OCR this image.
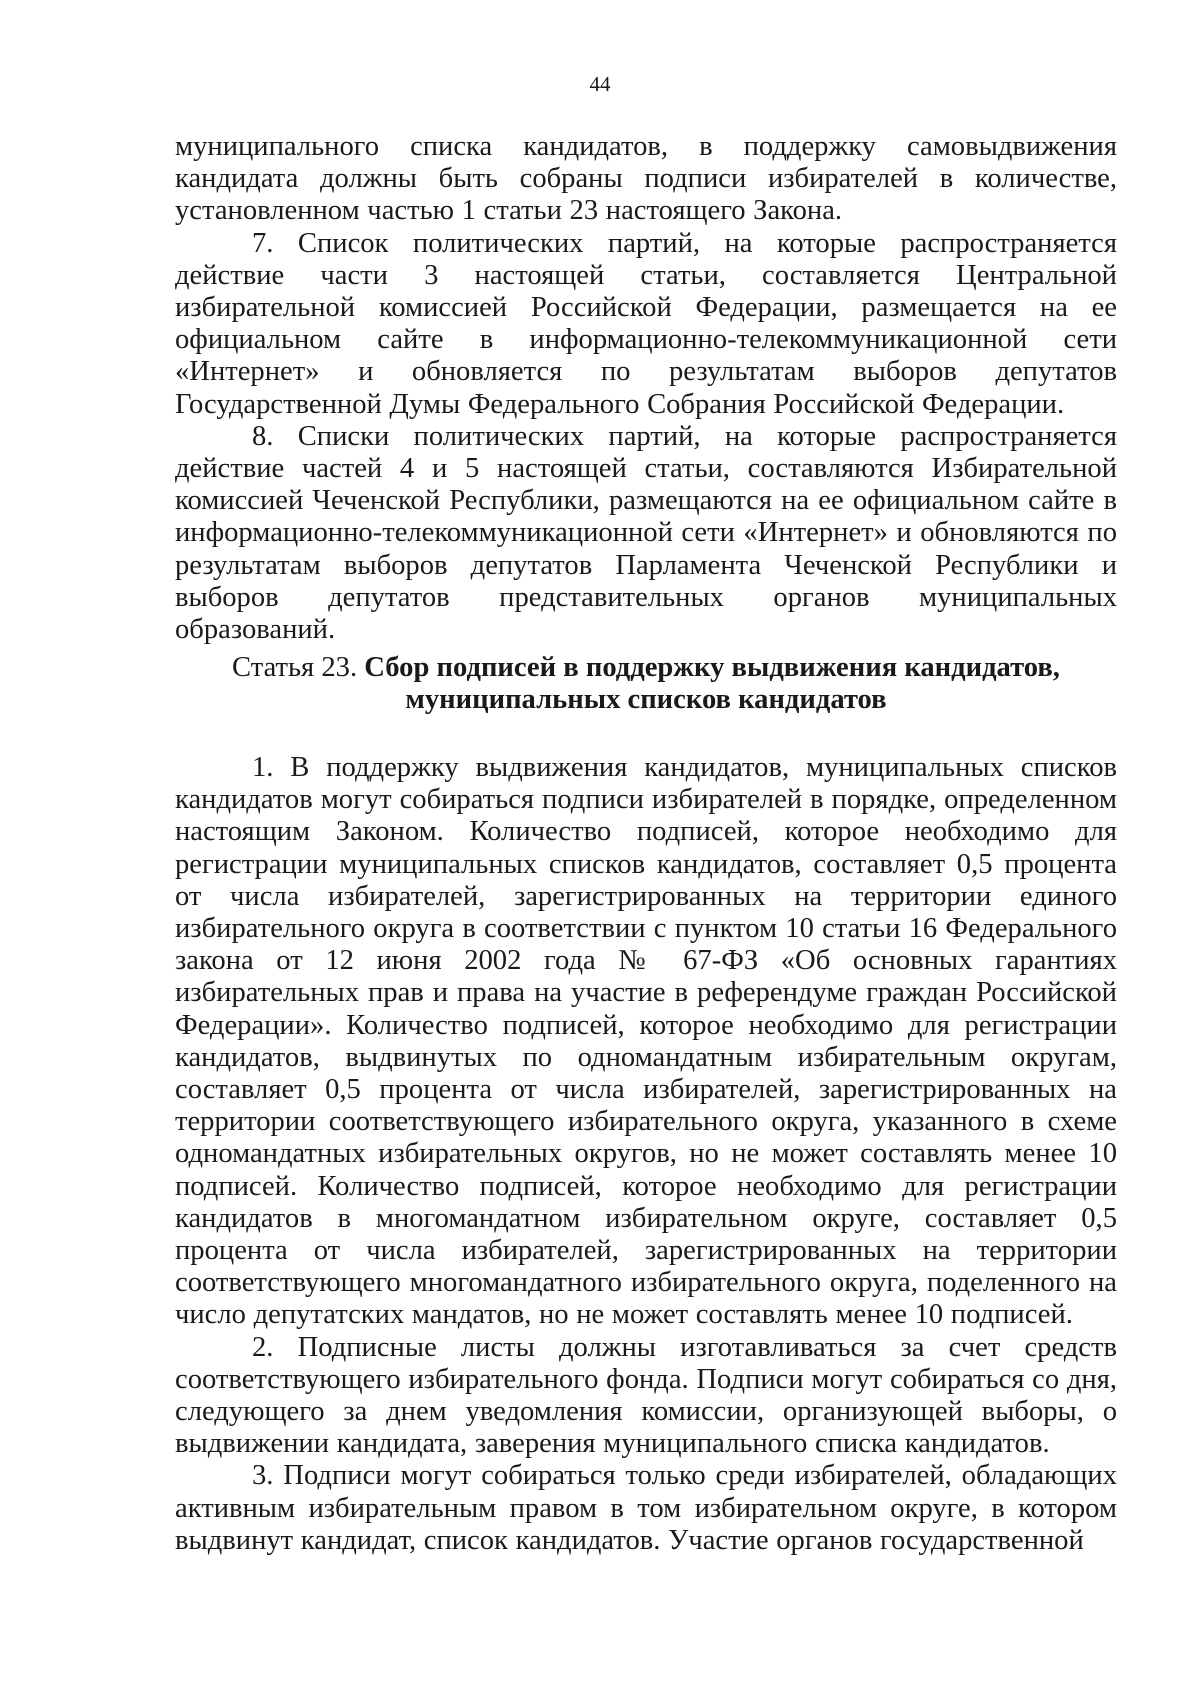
44

муниципального списка кандидатов, в поддержку самовыдвижения кандидата должны быть собраны подписи избирателей в количестве, установленном частью 1 статьи 23 настоящего Закона.

7. Список политических партий, на которые распространяется действие части 3 настоящей статьи, составляется Центральной избирательной комиссией Российской Федерации, размещается на ее официальном сайте в информационно-телекоммуникационной сети «Интернет» и обновляется по результатам выборов депутатов Государственной Думы Федерального Собрания Российской Федерации.

8. Списки политических партий, на которые распространяется действие частей 4 и 5 настоящей статьи, составляются Избирательной комиссией Чеченской Республики, размещаются на ее официальном сайте в информационно-телекоммуникационной сети «Интернет» и обновляются по результатам выборов депутатов Парламента Чеченской Республики и выборов депутатов представительных органов муниципальных образований.

Статья 23. Сбор подписей в поддержку выдвижения кандидатов, муниципальных списков кандидатов

1. В поддержку выдвижения кандидатов, муниципальных списков кандидатов могут собираться подписи избирателей в порядке, определенном настоящим Законом. Количество подписей, которое необходимо для регистрации муниципальных списков кандидатов, составляет 0,5 процента от числа избирателей, зарегистрированных на территории единого избирательного округа в соответствии с пунктом 10 статьи 16 Федерального закона от 12 июня 2002 года № 67-ФЗ «Об основных гарантиях избирательных прав и права на участие в референдуме граждан Российской Федерации». Количество подписей, которое необходимо для регистрации кандидатов, выдвинутых по одномандатным избирательным округам, составляет 0,5 процента от числа избирателей, зарегистрированных на территории соответствующего избирательного округа, указанного в схеме одномандатных избирательных округов, но не может составлять менее 10 подписей. Количество подписей, которое необходимо для регистрации кандидатов в многомандатном избирательном округе, составляет 0,5 процента от числа избирателей, зарегистрированных на территории соответствующего многомандатного избирательного округа, поделенного на число депутатских мандатов, но не может составлять менее 10 подписей.

2. Подписные листы должны изготавливаться за счет средств соответствующего избирательного фонда. Подписи могут собираться со дня, следующего за днем уведомления комиссии, организующей выборы, о выдвижении кандидата, заверения муниципального списка кандидатов.

3. Подписи могут собираться только среди избирателей, обладающих активным избирательным правом в том избирательном округе, в котором выдвинут кандидат, список кандидатов. Участие органов государственной
